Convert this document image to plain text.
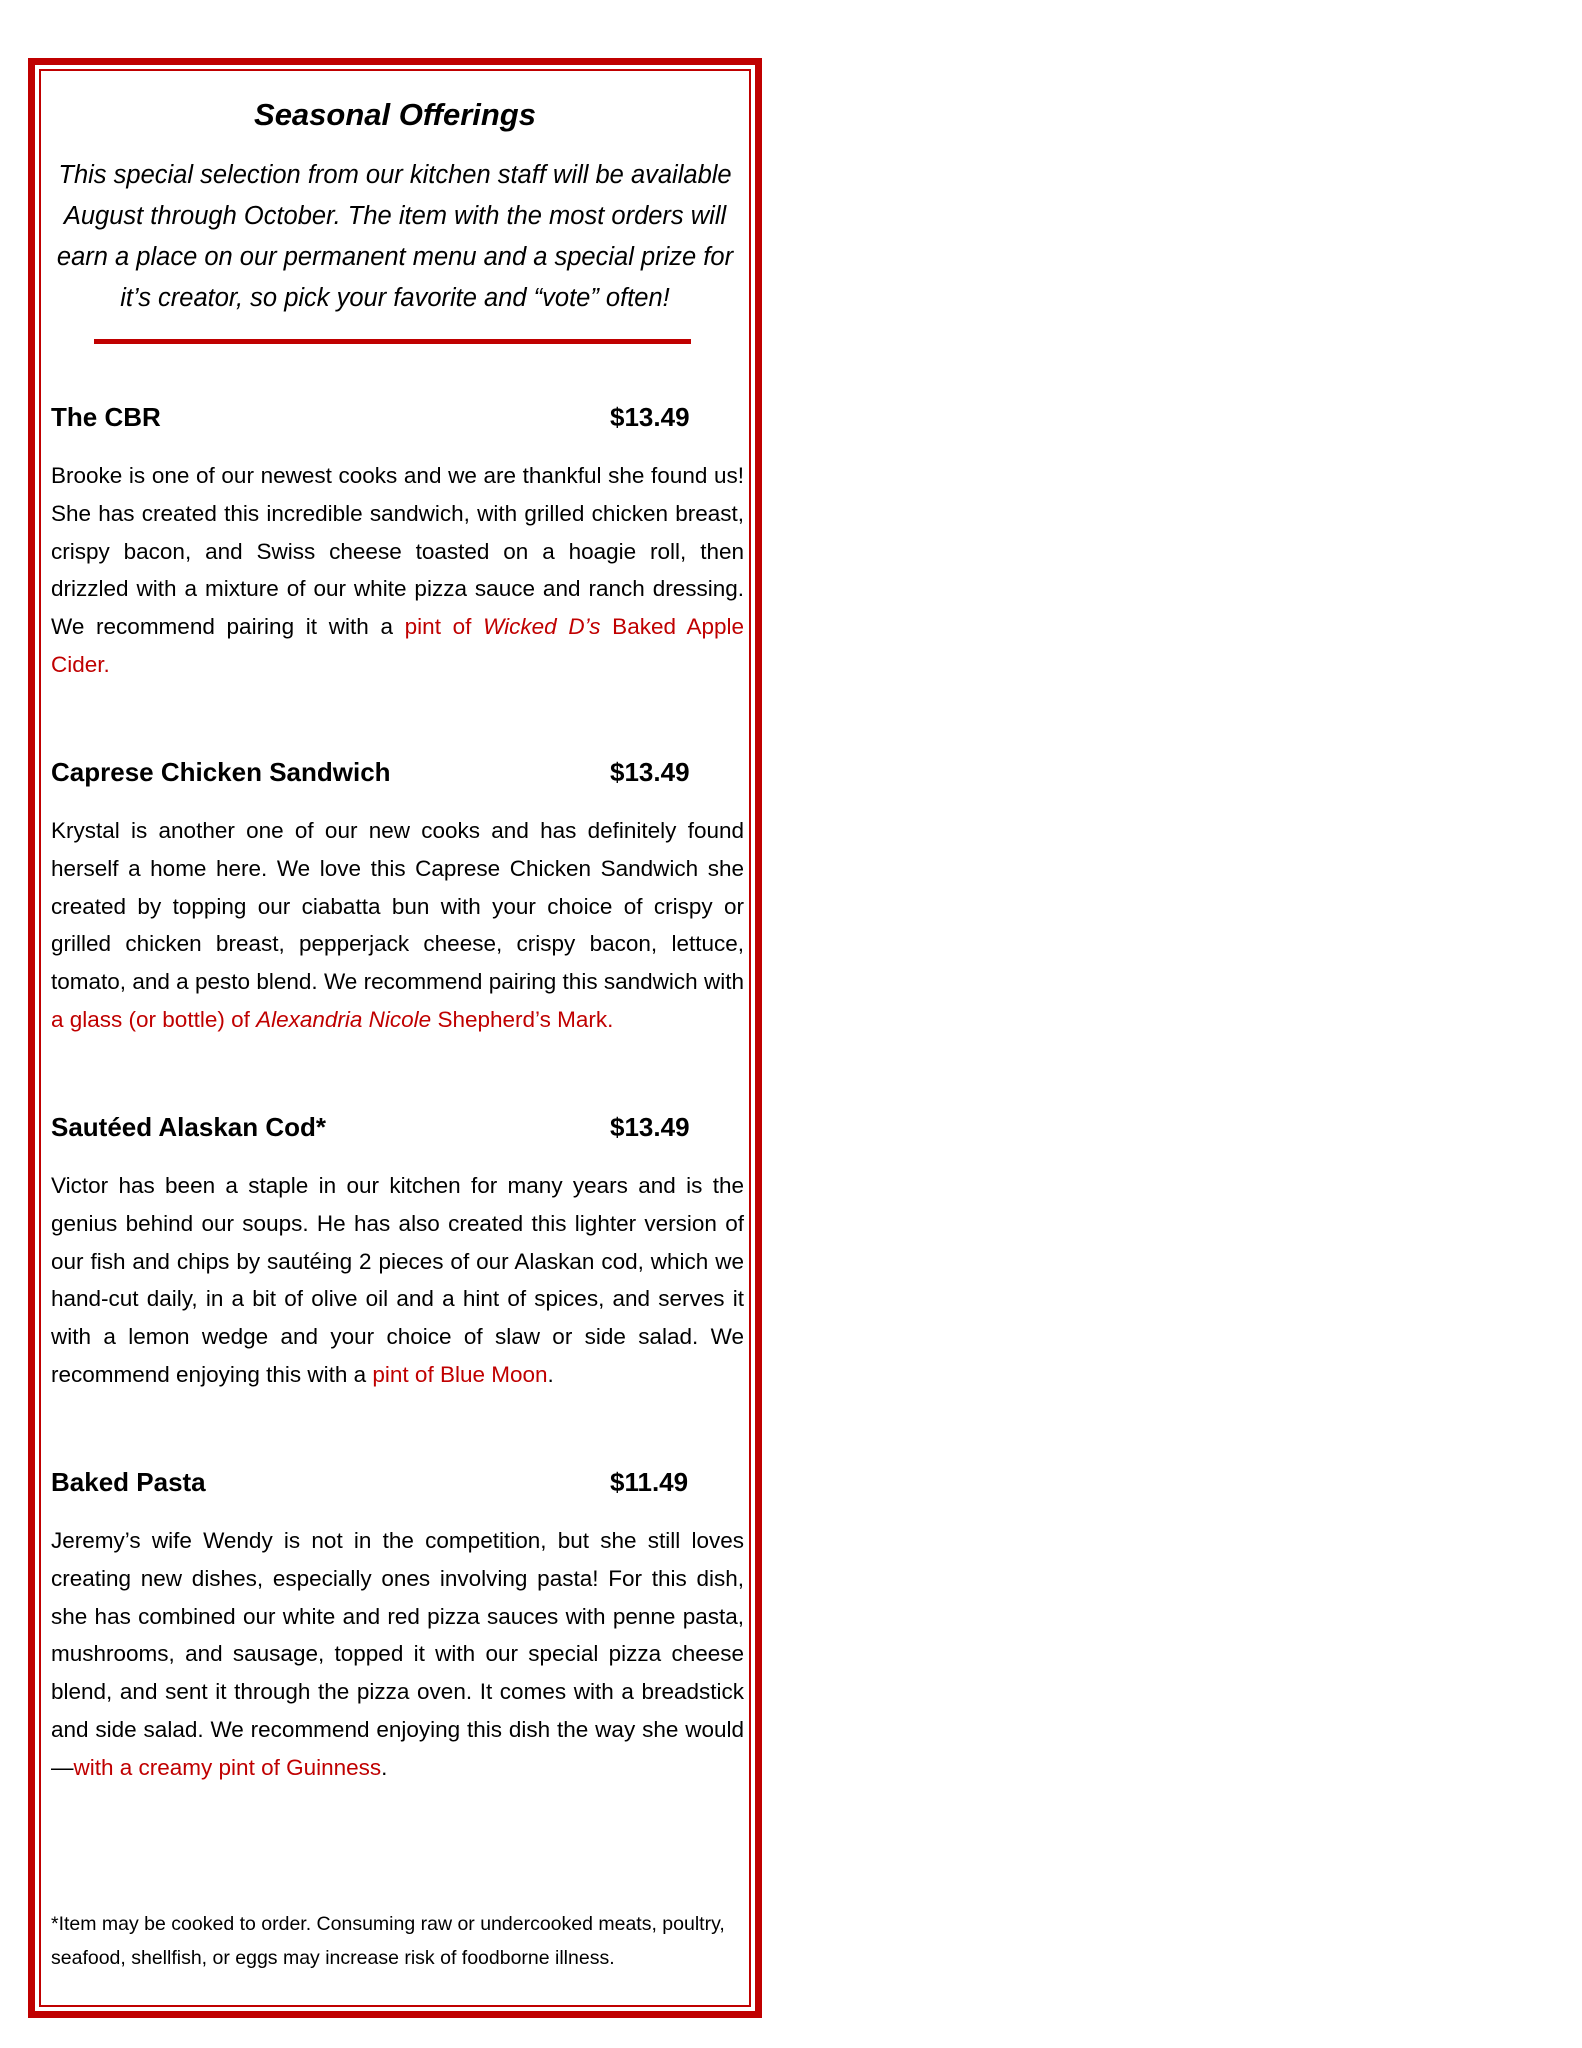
Seasonal Offerings

This special selection from our kitchen staff will be available August through October. The item with the most orders will earn a place on our permanent menu and a special prize for it’s creator, so pick your favorite and “vote” often!

The CBR	$13.49

Brooke is one of our newest cooks and we are thankful she found us! She has created this incredible sandwich, with grilled chicken breast, crispy bacon, and Swiss cheese toasted on a hoagie roll, then drizzled with a mixture of our white pizza sauce and ranch dressing. We recommend pairing it with a pint of Wicked D’s Baked Apple Cider.

Caprese Chicken Sandwich	$13.49

Krystal is another one of our new cooks and has definitely found herself a home here. We love this Caprese Chicken Sandwich she created by topping our ciabatta bun with your choice of crispy or grilled chicken breast, pepperjack cheese, crispy bacon, lettuce, tomato, and a pesto blend. We recommend pairing this sandwich with a glass (or bottle) of Alexandria Nicole Shepherd’s Mark.

Sautéed Alaskan Cod*	$13.49

Victor has been a staple in our kitchen for many years and is the genius behind our soups. He has also created this lighter version of our fish and chips by sautéing 2 pieces of our Alaskan cod, which we hand-cut daily, in a bit of olive oil and a hint of spices, and serves it with a lemon wedge and your choice of slaw or side salad. We recommend enjoying this with a pint of Blue Moon.

Baked Pasta	$11.49

Jeremy’s wife Wendy is not in the competition, but she still loves creating new dishes, especially ones involving pasta! For this dish, she has combined our white and red pizza sauces with penne pasta, mushrooms, and sausage, topped it with our special pizza cheese blend, and sent it through the pizza oven. It comes with a breadstick and side salad. We recommend enjoying this dish the way she would—with a creamy pint of Guinness.

*Item may be cooked to order. Consuming raw or undercooked meats, poultry, seafood, shellfish, or eggs may increase risk of foodborne illness.
